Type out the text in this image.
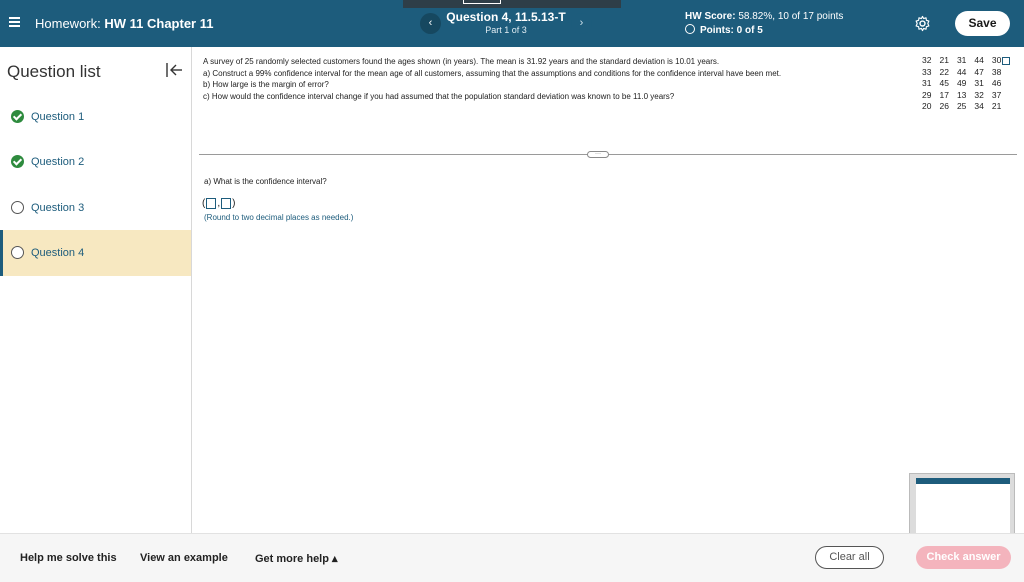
Homework: HW 11 Chapter 11	‹	Question 4, 11.5.13-T
Part 1 of 3
›
HW Score: 58.82%, 10 of 17 points
Points: 0 of 5
Save
Question list
Question 1
Question 2
Question 3
Question 4
A survey of 25 randomly selected customers found the ages shown (in years). The mean is 31.92 years and the standard deviation is 10.01 years.
a) Construct a 99% confidence interval for the mean age of all customers, assuming that the assumptions and conditions for the confidence interval have been met.
b) How large is the margin of error?
c) How would the confidence interval change if you had assumed that the population standard deviation was known to be 11.0 years?
32	21	31	44	30
33	22	44	47	38
31	45	49	31	46
29	17	13	32	37
20	26	25	34	21
···
a) What is the confidence interval?
( , )
(Round to two decimal places as needed.)
Help me solve this View an example Get more help ▴	Clear all	Check answer
